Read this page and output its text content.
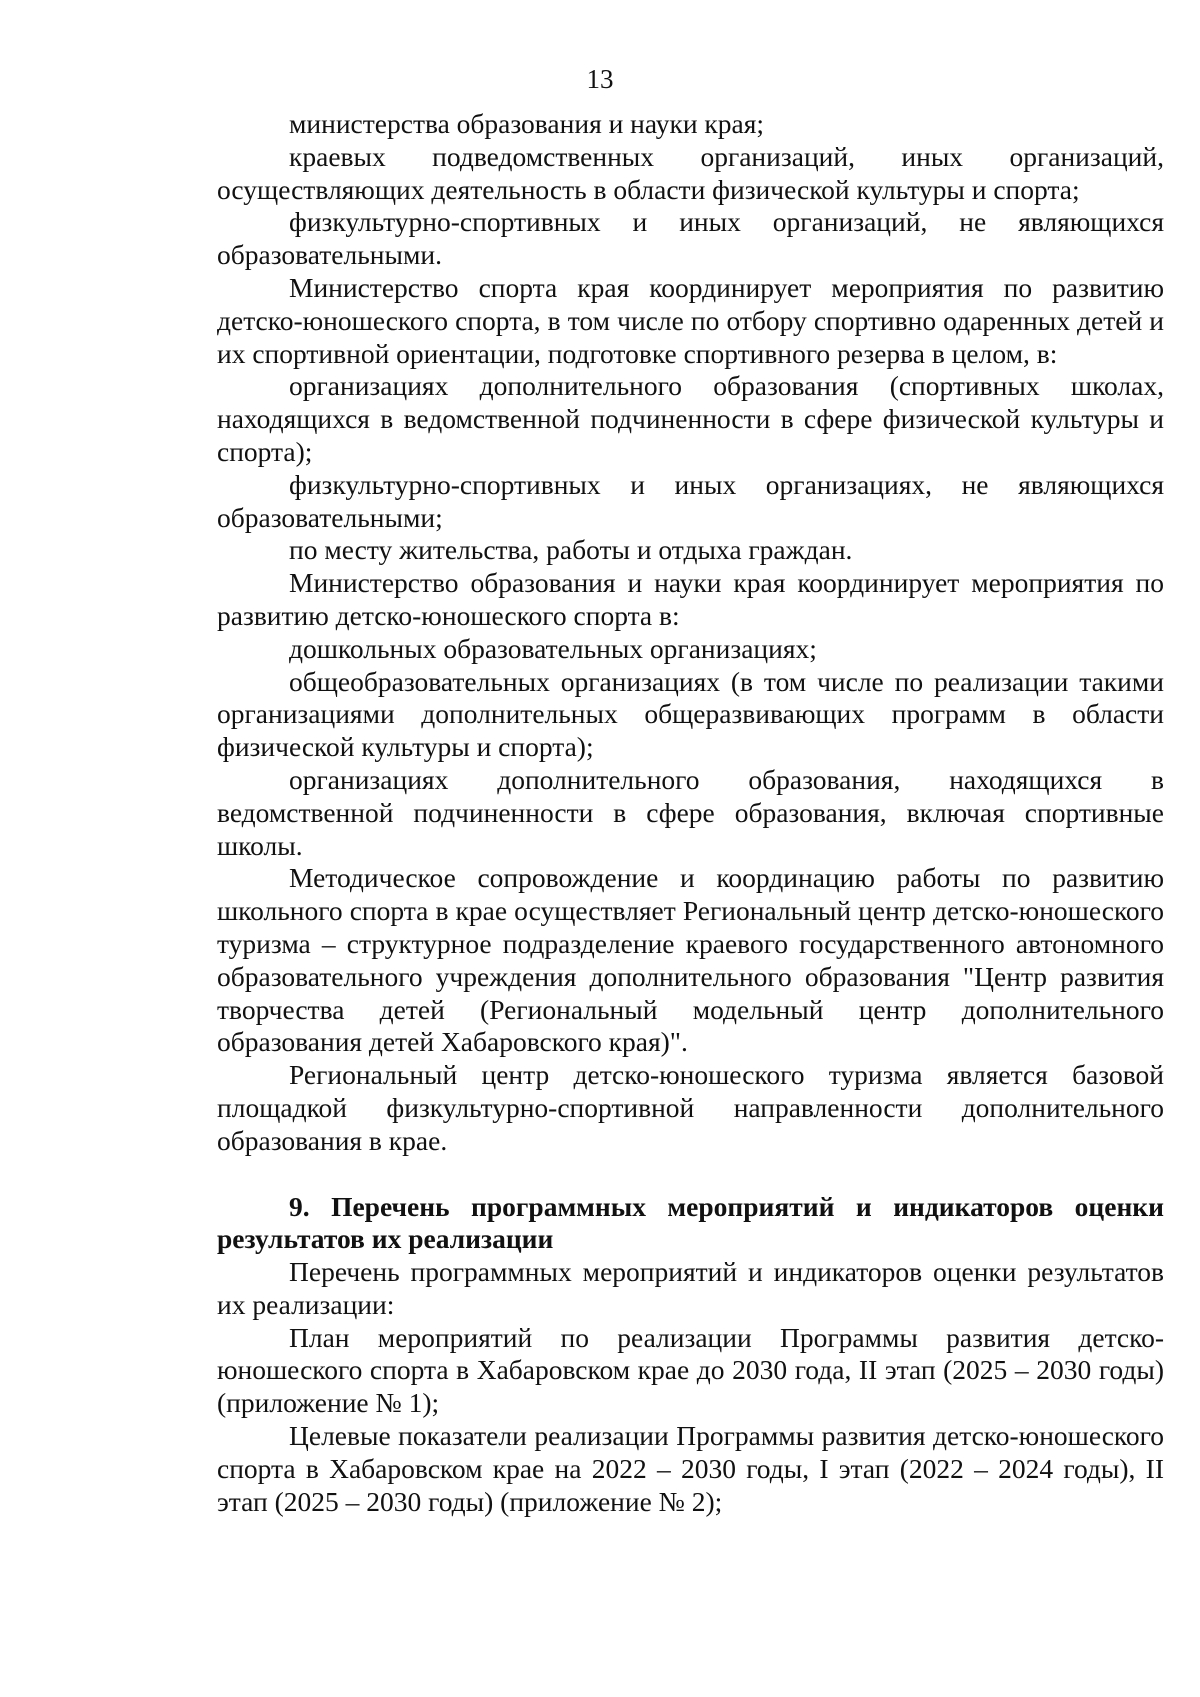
13

министерства образования и науки края;

краевых подведомственных организаций, иных организаций, осуществляющих деятельность в области физической культуры и спорта;

физкультурно-спортивных и иных организаций, не являющихся образовательными.

Министерство спорта края координирует мероприятия по развитию детско-юношеского спорта, в том числе по отбору спортивно одаренных детей и их спортивной ориентации, подготовке спортивного резерва в целом, в:

организациях дополнительного образования (спортивных школах, находящихся в ведомственной подчиненности в сфере физической культуры и спорта);

физкультурно-спортивных и иных организациях, не являющихся образовательными;

по месту жительства, работы и отдыха граждан.

Министерство образования и науки края координирует мероприятия по развитию детско-юношеского спорта в:

дошкольных образовательных организациях;

общеобразовательных организациях (в том числе по реализации такими организациями дополнительных общеразвивающих программ в области физической культуры и спорта);

организациях дополнительного образования, находящихся в ведомственной подчиненности в сфере образования, включая спортивные школы.

Методическое сопровождение и координацию работы по развитию школьного спорта в крае осуществляет Региональный центр детско-юношеского туризма – структурное подразделение краевого государственного автономного образовательного учреждения дополнительного образования "Центр развития творчества детей (Региональный модельный центр дополнительного образования детей Хабаровского края)".

Региональный центр детско-юношеского туризма является базовой площадкой физкультурно-спортивной направленности дополнительного образования в крае.

9. Перечень программных мероприятий и индикаторов оценки результатов их реализации

Перечень программных мероприятий и индикаторов оценки результатов их реализации:

План мероприятий по реализации Программы развития детско-юношеского спорта в Хабаровском крае до 2030 года, II этап (2025 – 2030 годы) (приложение № 1);

Целевые показатели реализации Программы развития детско-юношеского спорта в Хабаровском крае на 2022 – 2030 годы, I этап (2022 – 2024 годы), II этап (2025 – 2030 годы) (приложение № 2);
